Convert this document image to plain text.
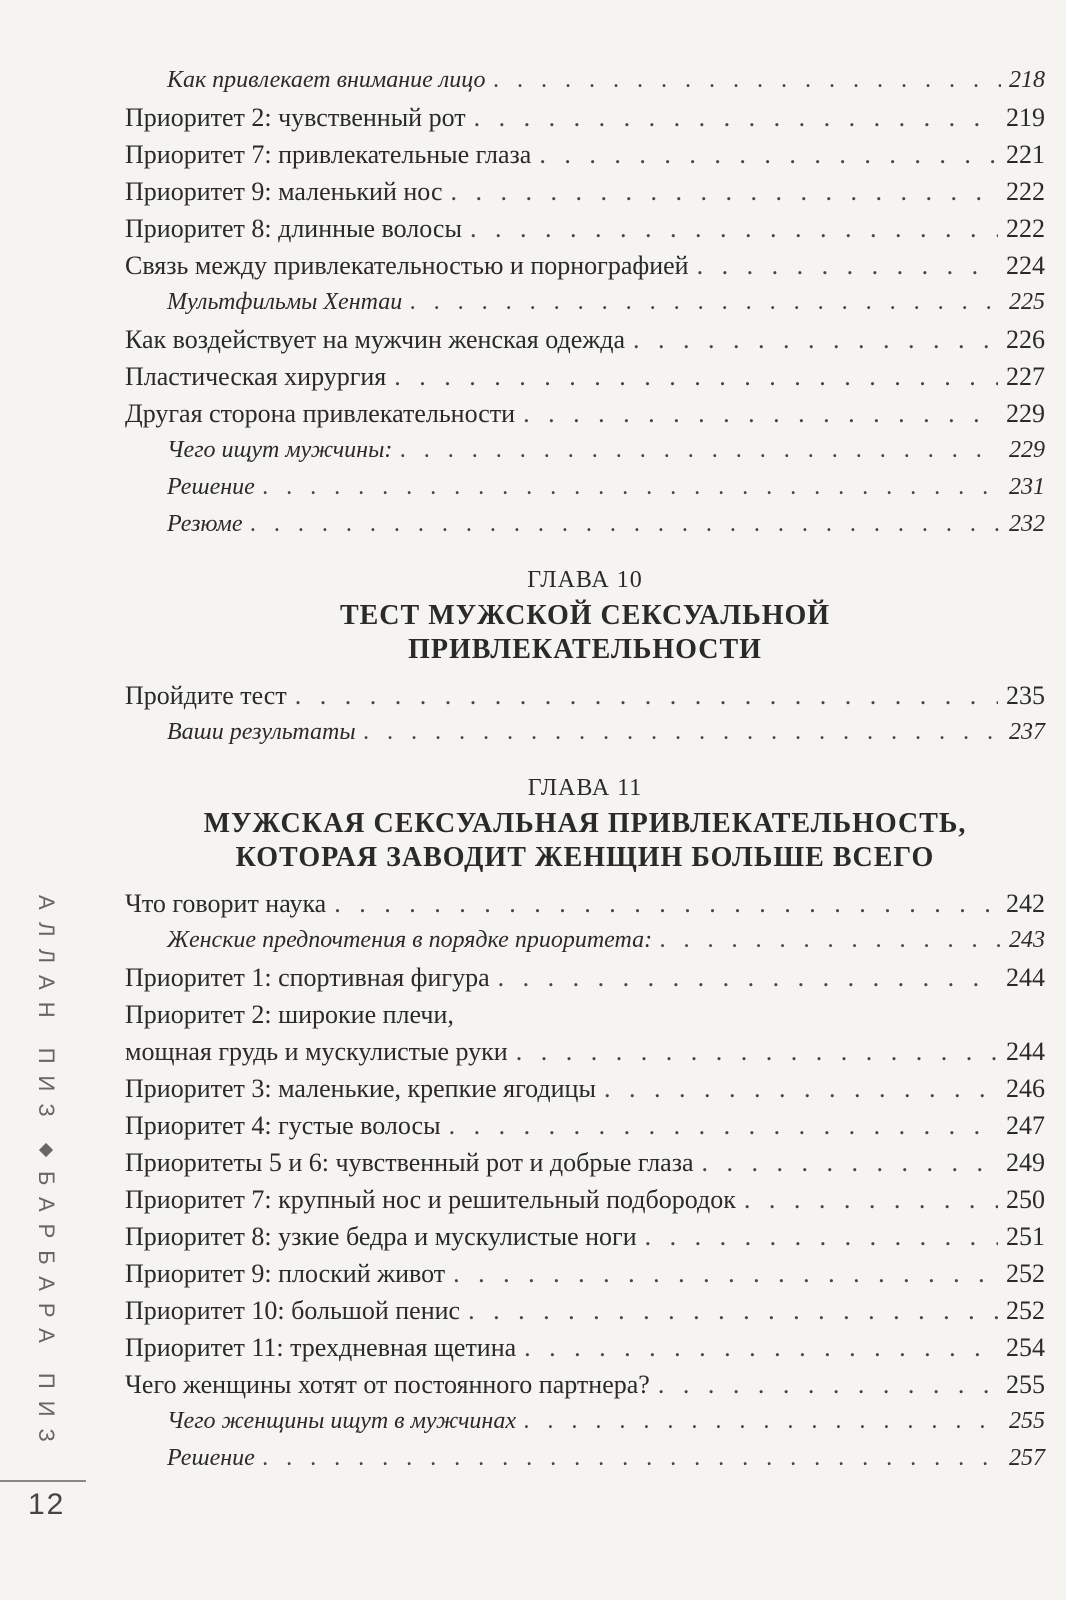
Как привлекает внимание лицо . . .	218
Приоритет 2: чувственный рот . . .	219
Приоритет 7: привлекательные глаза . . .	221
Приоритет 9: маленький нос . . .	222
Приоритет 8: длинные волосы . . .	222
Связь между привлекательностью и порнографией . . .	224
Мультфильмы Хентаи . . .	225
Как воздействует на мужчин женская одежда . . .	226
Пластическая хирургия . . .	227
Другая сторона привлекательности . . .	229
Чего ищут мужчины: . . .	229
Решение . . .	231
Резюме . . .	232
ГЛАВА 10
ТЕСТ МУЖСКОЙ СЕКСУАЛЬНОЙ
ПРИВЛЕКАТЕЛЬНОСТИ
Пройдите тест . . .	235
Ваши результаты . . .	237
ГЛАВА 11
МУЖСКАЯ СЕКСУАЛЬНАЯ ПРИВЛЕКАТЕЛЬНОСТЬ,
КОТОРАЯ ЗАВОДИТ ЖЕНЩИН БОЛЬШЕ ВСЕГО
Что говорит наука . . .	242
Женские предпочтения в порядке приоритета: . . .	243
Приоритет 1: спортивная фигура . . .	244
Приоритет 2: широкие плечи,
мощная грудь и мускулистые руки . . .	244
Приоритет 3: маленькие, крепкие ягодицы . . .	246
Приоритет 4: густые волосы . . .	247
Приоритеты 5 и 6: чувственный рот и добрые глаза . . .	249
Приоритет 7: крупный нос и решительный подбородок . . .	250
Приоритет 8: узкие бедра и мускулистые ноги . . .	251
Приоритет 9: плоский живот . . .	252
Приоритет 10: большой пенис . . .	252
Приоритет 11: трехдневная щетина . . .	254
Чего женщины хотят от постоянного партнера? . . .	255
Чего женщины ищут в мужчинах . . .	255
Решение . . .	257
АЛЛАН ПИЗ
БАРБАРА ПИЗ
12
